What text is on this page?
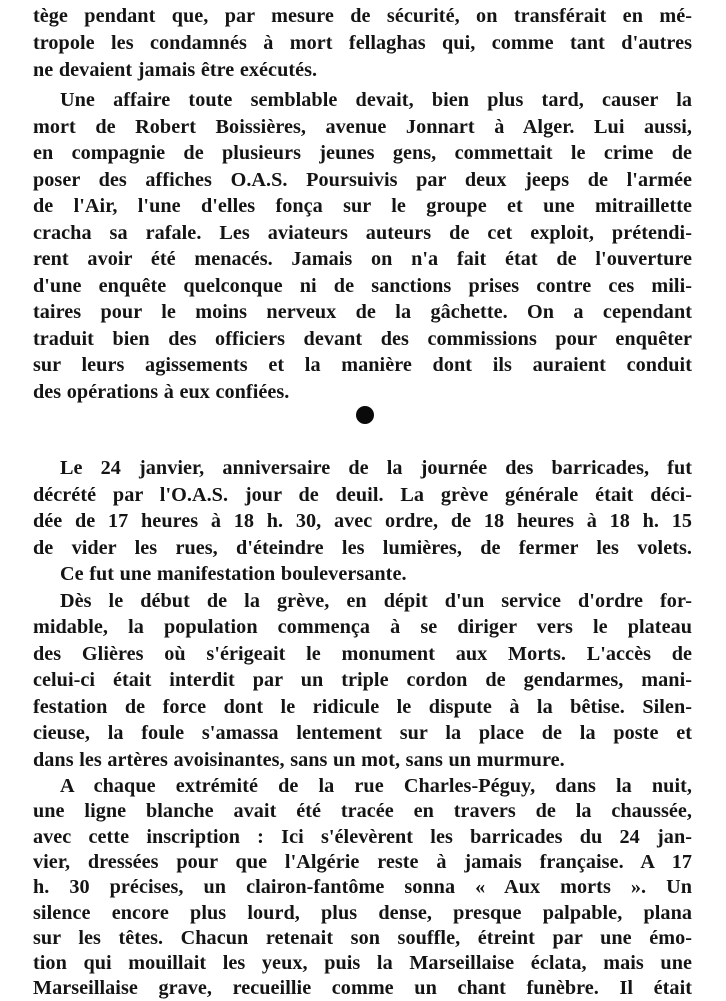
tège pendant que, par mesure de sécurité, on transférait en mé-
tropole les condamnés à mort fellaghas qui, comme tant d'autres
ne devaient jamais être exécutés.
Une affaire toute semblable devait, bien plus tard, causer la
mort de Robert Boissières, avenue Jonnart à Alger. Lui aussi,
en compagnie de plusieurs jeunes gens, commettait le crime de
poser des affiches O.A.S. Poursuivis par deux jeeps de l'armée
de l'Air, l'une d'elles fonça sur le groupe et une mitraillette
cracha sa rafale. Les aviateurs auteurs de cet exploit, prétendi-
rent avoir été menacés. Jamais on n'a fait état de l'ouverture
d'une enquête quelconque ni de sanctions prises contre ces mili-
taires pour le moins nerveux de la gâchette. On a cependant
traduit bien des officiers devant des commissions pour enquêter
sur leurs agissements et la manière dont ils auraient conduit
des opérations à eux confiées.
Le 24 janvier, anniversaire de la journée des barricades, fut
décrété par l'O.A.S. jour de deuil. La grève générale était déci-
dée de 17 heures à 18 h. 30, avec ordre, de 18 heures à 18 h. 15
de vider les rues, d'éteindre les lumières, de fermer les volets.
Ce fut une manifestation bouleversante.
Dès le début de la grève, en dépit d'un service d'ordre for-
midable, la population commença à se diriger vers le plateau
des Glières où s'érigeait le monument aux Morts. L'accès de
celui-ci était interdit par un triple cordon de gendarmes, mani-
festation de force dont le ridicule le dispute à la bêtise. Silen-
cieuse, la foule s'amassa lentement sur la place de la poste et
dans les artères avoisinantes, sans un mot, sans un murmure.
A chaque extrémité de la rue Charles-Péguy, dans la nuit,
une ligne blanche avait été tracée en travers de la chaussée,
avec cette inscription : Ici s'élevèrent les barricades du 24 jan-
vier, dressées pour que l'Algérie reste à jamais française. A 17
h. 30 précises, un clairon-fantôme sonna « Aux morts ». Un
silence encore plus lourd, plus dense, presque palpable, plana
sur les têtes. Chacun retenait son souffle, étreint par une émo-
tion qui mouillait les yeux, puis la Marseillaise éclata, mais une
Marseillaise grave, recueillie comme un chant funèbre. Il était
